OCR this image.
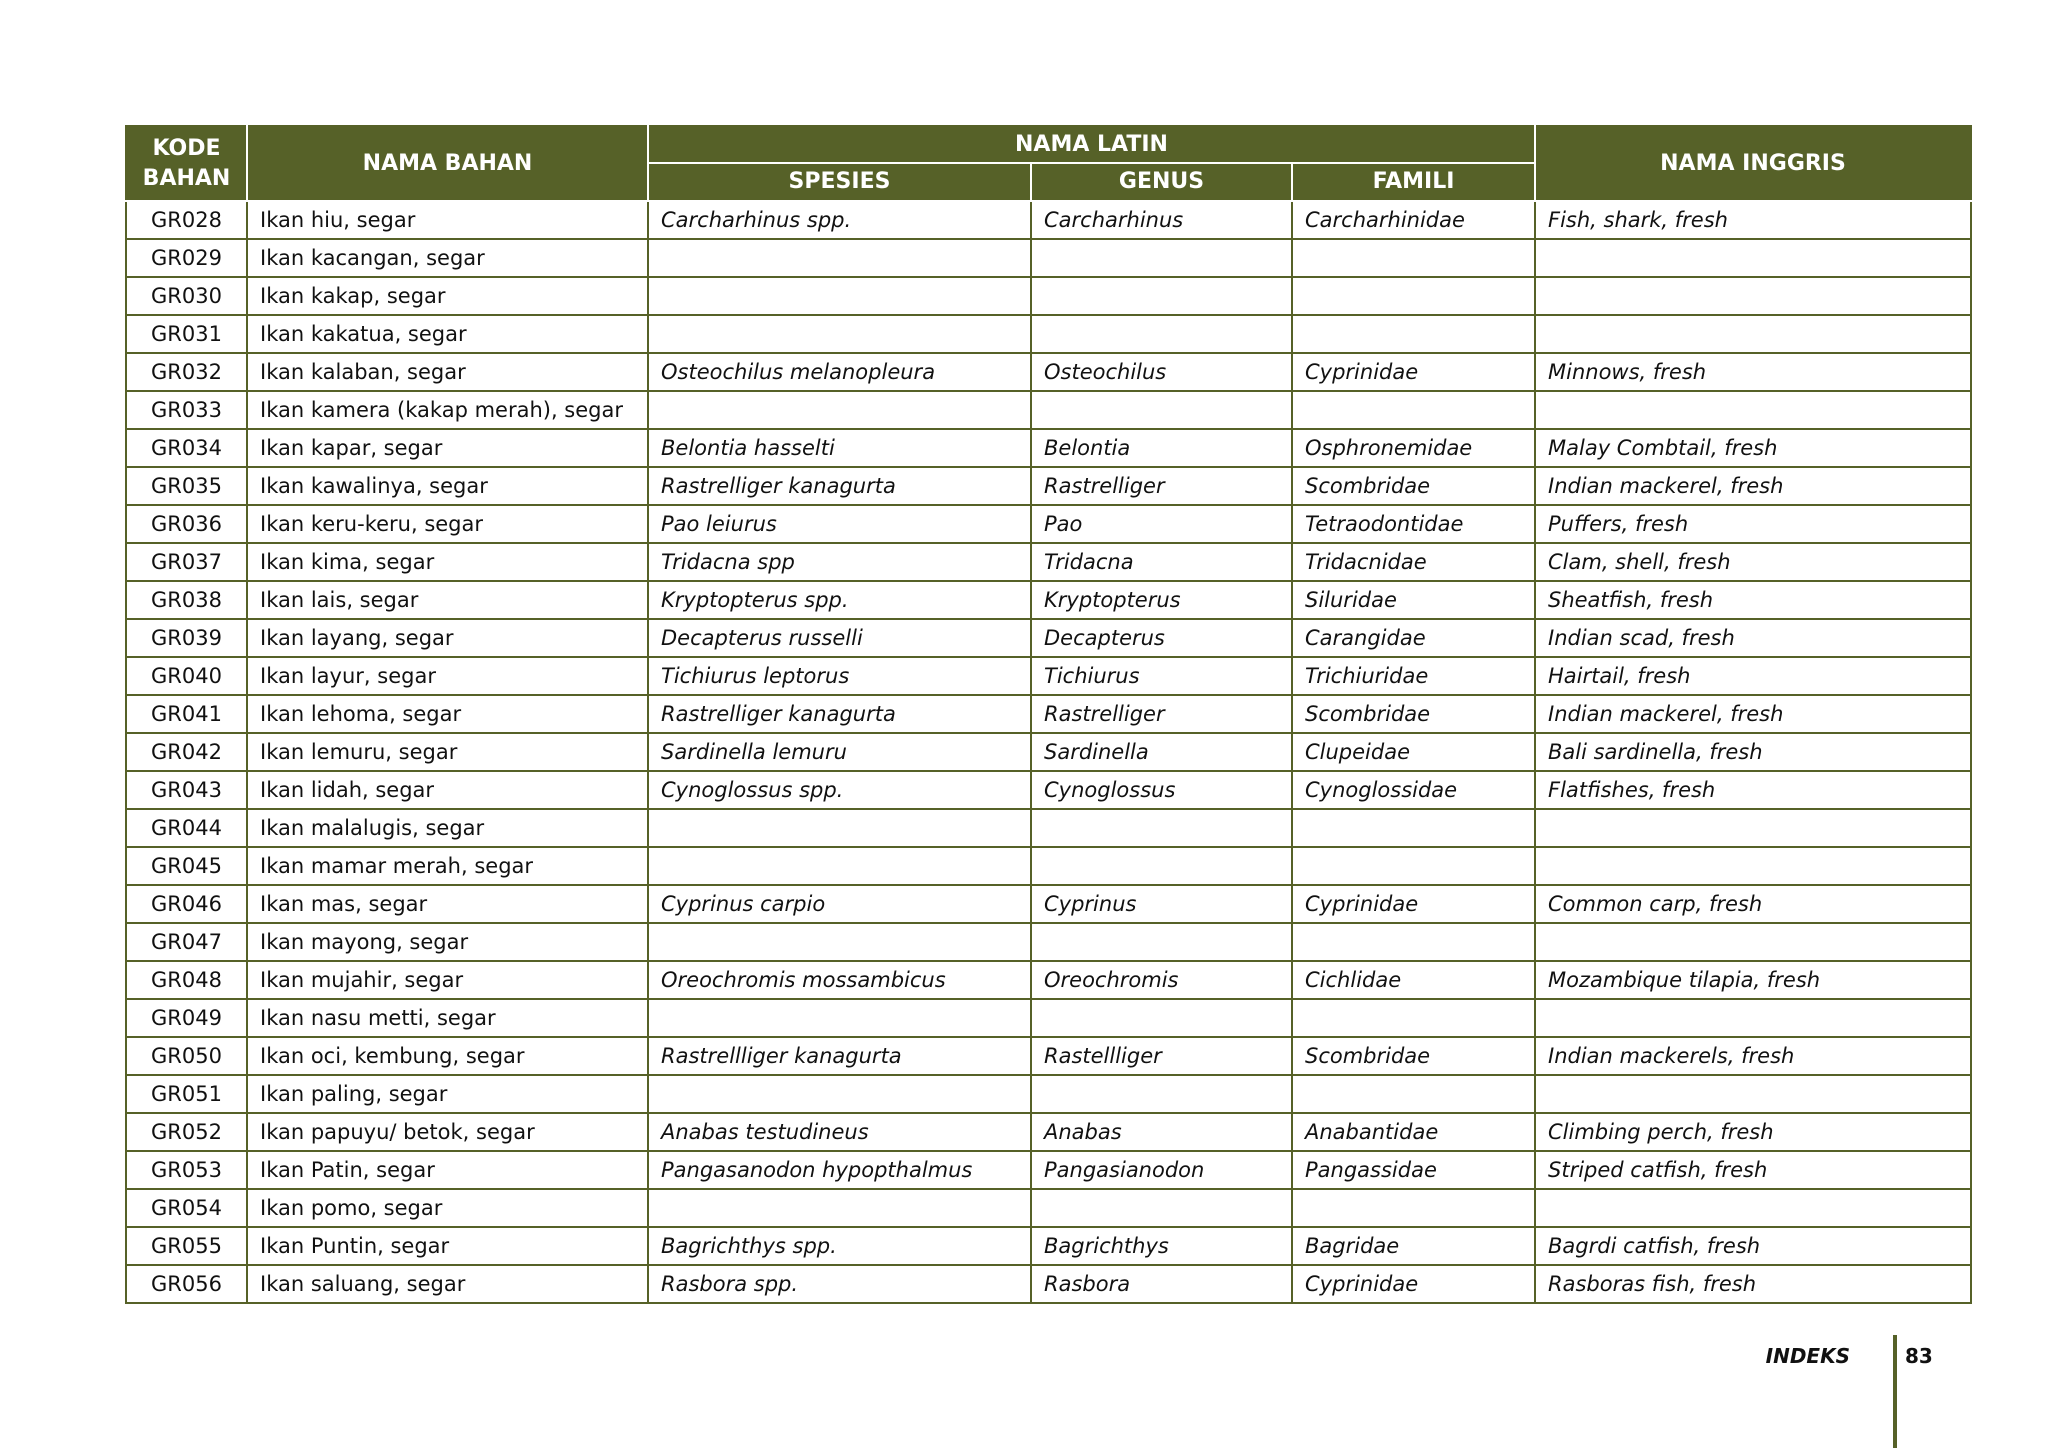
KODE BAHAN	NAMA BAHAN	NAMA LATIN			NAMA INGGRIS
		SPESIES	GENUS	FAMILI	
GR028	Ikan hiu, segar	Carcharhinus spp.	Carcharhinus	Carcharhinidae	Fish, shark, fresh
GR029	Ikan kacangan, segar				
GR030	Ikan kakap, segar				
GR031	Ikan kakatua, segar				
GR032	Ikan kalaban, segar	Osteochilus melanopleura	Osteochilus	Cyprinidae	Minnows, fresh
GR033	Ikan kamera (kakap merah), segar				
GR034	Ikan kapar, segar	Belontia hasselti	Belontia	Osphronemidae	Malay Combtail, fresh
GR035	Ikan kawalinya, segar	Rastrelliger kanagurta	Rastrelliger	Scombridae	Indian mackerel, fresh
GR036	Ikan keru-keru, segar	Pao leiurus	Pao	Tetraodontidae	Puffers, fresh
GR037	Ikan kima, segar	Tridacna spp	Tridacna	Tridacnidae	Clam, shell, fresh
GR038	Ikan lais, segar	Kryptopterus spp.	Kryptopterus	Siluridae	Sheatfish, fresh
GR039	Ikan layang, segar	Decapterus russelli	Decapterus	Carangidae	Indian scad, fresh
GR040	Ikan layur, segar	Tichiurus leptorus	Tichiurus	Trichiuridae	Hairtail, fresh
GR041	Ikan lehoma, segar	Rastrelliger kanagurta	Rastrelliger	Scombridae	Indian mackerel, fresh
GR042	Ikan lemuru, segar	Sardinella lemuru	Sardinella	Clupeidae	Bali sardinella, fresh
GR043	Ikan lidah, segar	Cynoglossus spp.	Cynoglossus	Cynoglossidae	Flatfishes, fresh
GR044	Ikan malalugis, segar				
GR045	Ikan mamar merah, segar				
GR046	Ikan mas, segar	Cyprinus carpio	Cyprinus	Cyprinidae	Common carp, fresh
GR047	Ikan mayong, segar				
GR048	Ikan mujahir, segar	Oreochromis mossambicus	Oreochromis	Cichlidae	Mozambique tilapia, fresh
GR049	Ikan nasu metti, segar				
GR050	Ikan oci, kembung, segar	Rastrellliger kanagurta	Rastellliger	Scombridae	Indian mackerels, fresh
GR051	Ikan paling, segar				
GR052	Ikan papuyu/ betok, segar	Anabas testudineus	Anabas	Anabantidae	Climbing perch, fresh
GR053	Ikan Patin, segar	Pangasanodon hypopthalmus	Pangasianodon	Pangassidae	Striped catfish, fresh
GR054	Ikan pomo, segar				
GR055	Ikan Puntin, segar	Bagrichthys spp.	Bagrichthys	Bagridae	Bagrdi catfish, fresh
GR056	Ikan saluang, segar	Rasbora spp.	Rasbora	Cyprinidae	Rasboras fish, fresh
INDEKS	83
